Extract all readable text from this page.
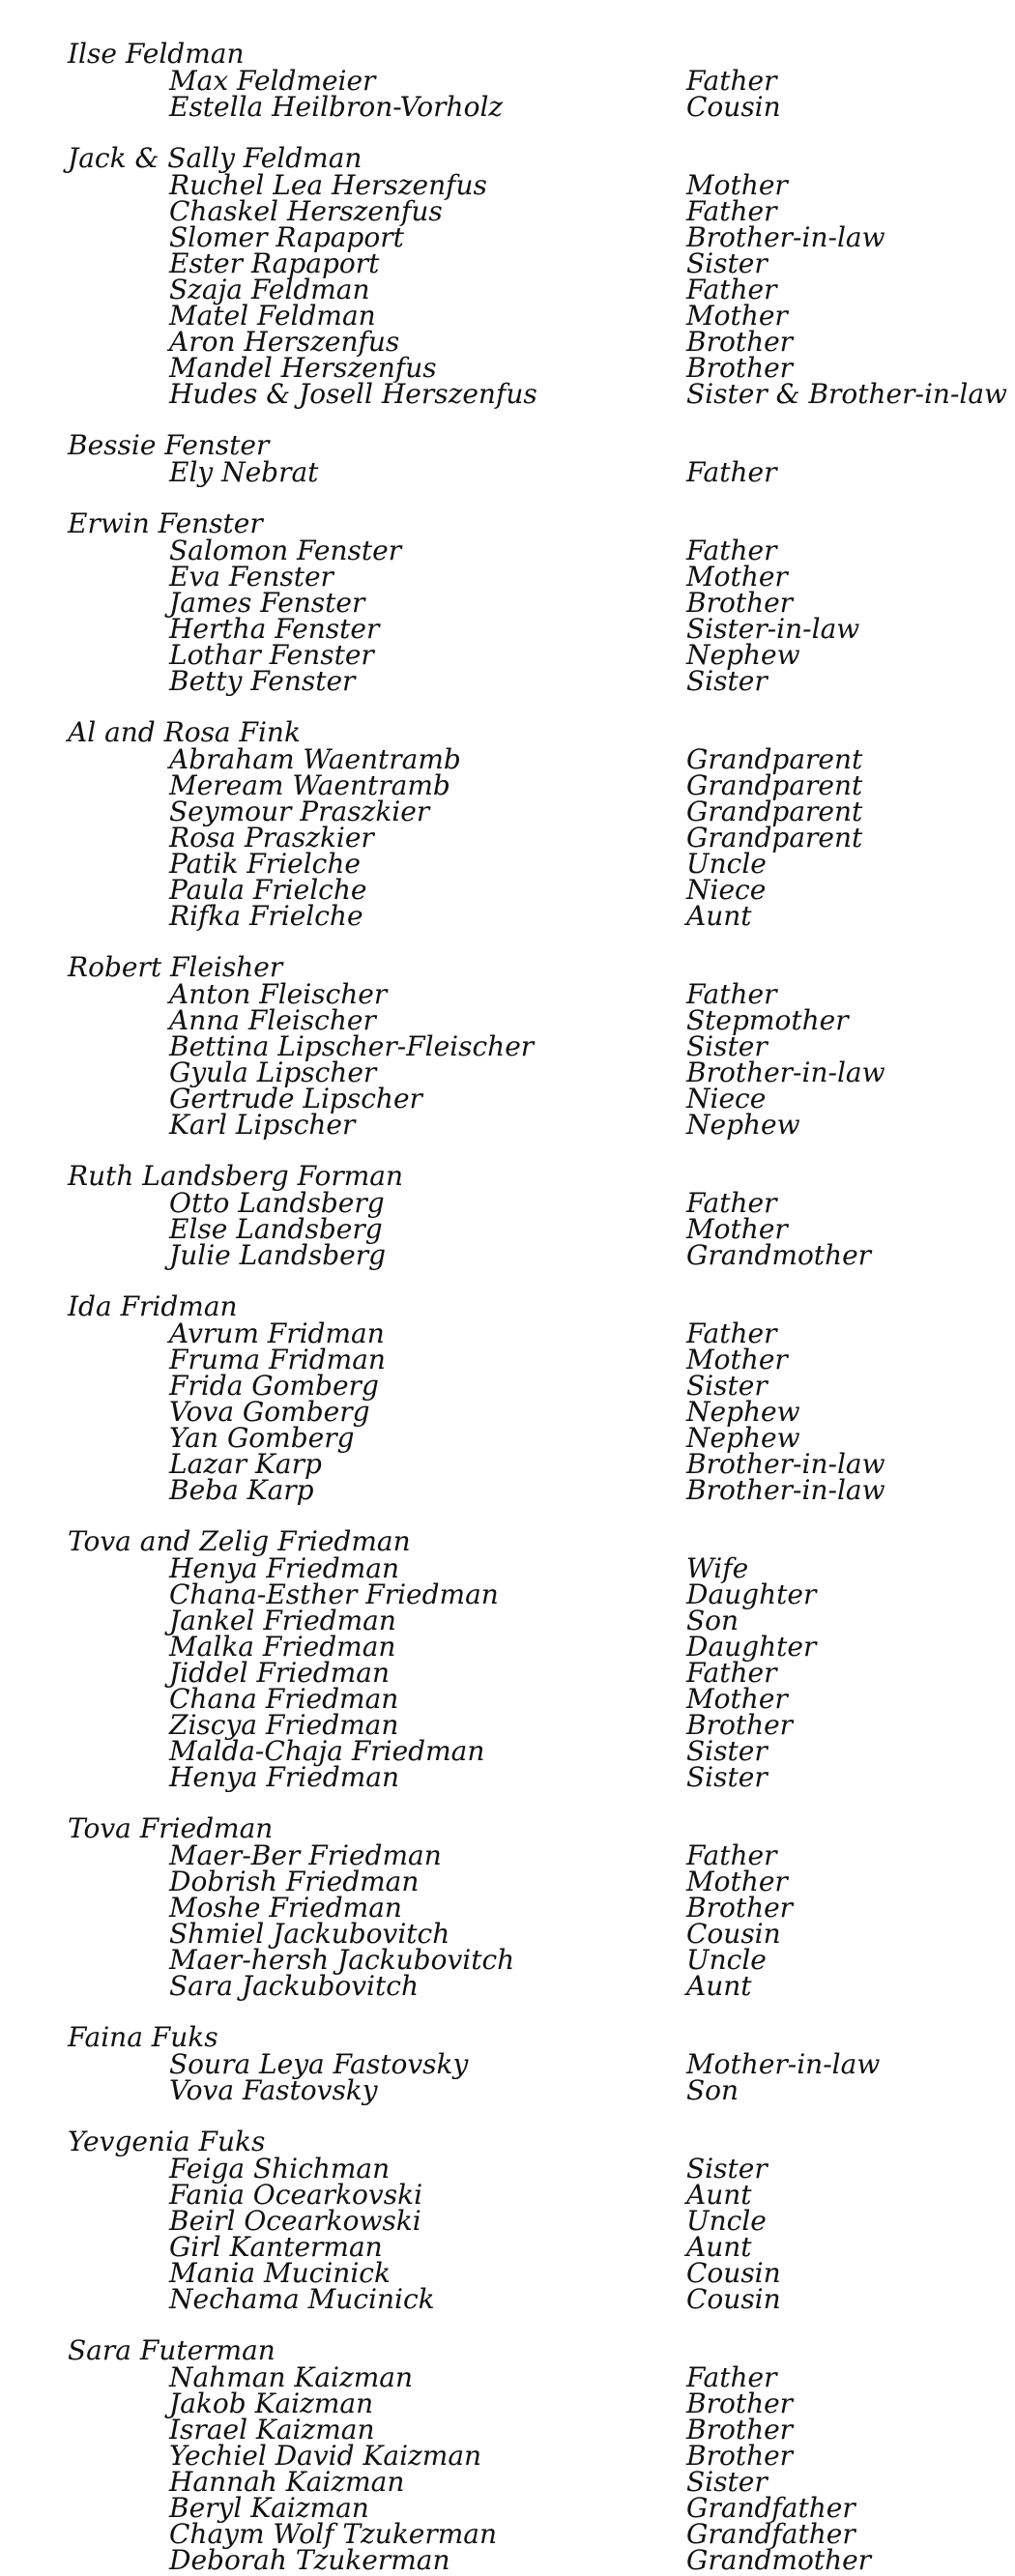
Ilse Feldman
Max Feldmeier	Father
Estella Heilbron-Vorholz	Cousin
Jack & Sally Feldman
Ruchel Lea Herszenfus	Mother
Chaskel Herszenfus	Father
Slomer Rapaport	Brother-in-law
Ester Rapaport	Sister
Szaja Feldman	Father
Matel Feldman	Mother
Aron Herszenfus	Brother
Mandel Herszenfus	Brother
Hudes & Josell Herszenfus	Sister & Brother-in-law
Bessie Fenster
Ely Nebrat	Father
Erwin Fenster
Salomon Fenster	Father
Eva Fenster	Mother
James Fenster	Brother
Hertha Fenster	Sister-in-law
Lothar Fenster	Nephew
Betty Fenster	Sister
Al and Rosa Fink
Abraham Waentramb	Grandparent
Meream Waentramb	Grandparent
Seymour Praszkier	Grandparent
Rosa Praszkier	Grandparent
Patik Frielche	Uncle
Paula Frielche	Niece
Rifka Frielche	Aunt
Robert Fleisher
Anton Fleischer	Father
Anna Fleischer	Stepmother
Bettina Lipscher-Fleischer	Sister
Gyula Lipscher	Brother-in-law
Gertrude Lipscher	Niece
Karl Lipscher	Nephew
Ruth Landsberg Forman
Otto Landsberg	Father
Else Landsberg	Mother
Julie Landsberg	Grandmother
Ida Fridman
Avrum Fridman	Father
Fruma Fridman	Mother
Frida Gomberg	Sister
Vova Gomberg	Nephew
Yan Gomberg	Nephew
Lazar Karp	Brother-in-law
Beba Karp	Brother-in-law
Tova and Zelig Friedman
Henya Friedman	Wife
Chana-Esther Friedman	Daughter
Jankel Friedman	Son
Malka Friedman	Daughter
Jiddel Friedman	Father
Chana Friedman	Mother
Ziscya Friedman	Brother
Malda-Chaja Friedman	Sister
Henya Friedman	Sister
Tova Friedman
Maer-Ber Friedman	Father
Dobrish Friedman	Mother
Moshe Friedman	Brother
Shmiel Jackubovitch	Cousin
Maer-hersh Jackubovitch	Uncle
Sara Jackubovitch	Aunt
Faina Fuks
Soura Leya Fastovsky	Mother-in-law
Vova Fastovsky	Son
Yevgenia Fuks
Feiga Shichman	Sister
Fania Ocearkovski	Aunt
Beirl Ocearkowski	Uncle
Girl Kanterman	Aunt
Mania Mucinick	Cousin
Nechama Mucinick	Cousin
Sara Futerman
Nahman Kaizman	Father
Jakob Kaizman	Brother
Israel Kaizman	Brother
Yechiel David Kaizman	Brother
Hannah Kaizman	Sister
Beryl Kaizman	Grandfather
Chaym Wolf Tzukerman	Grandfather
Deborah Tzukerman	Grandmother
